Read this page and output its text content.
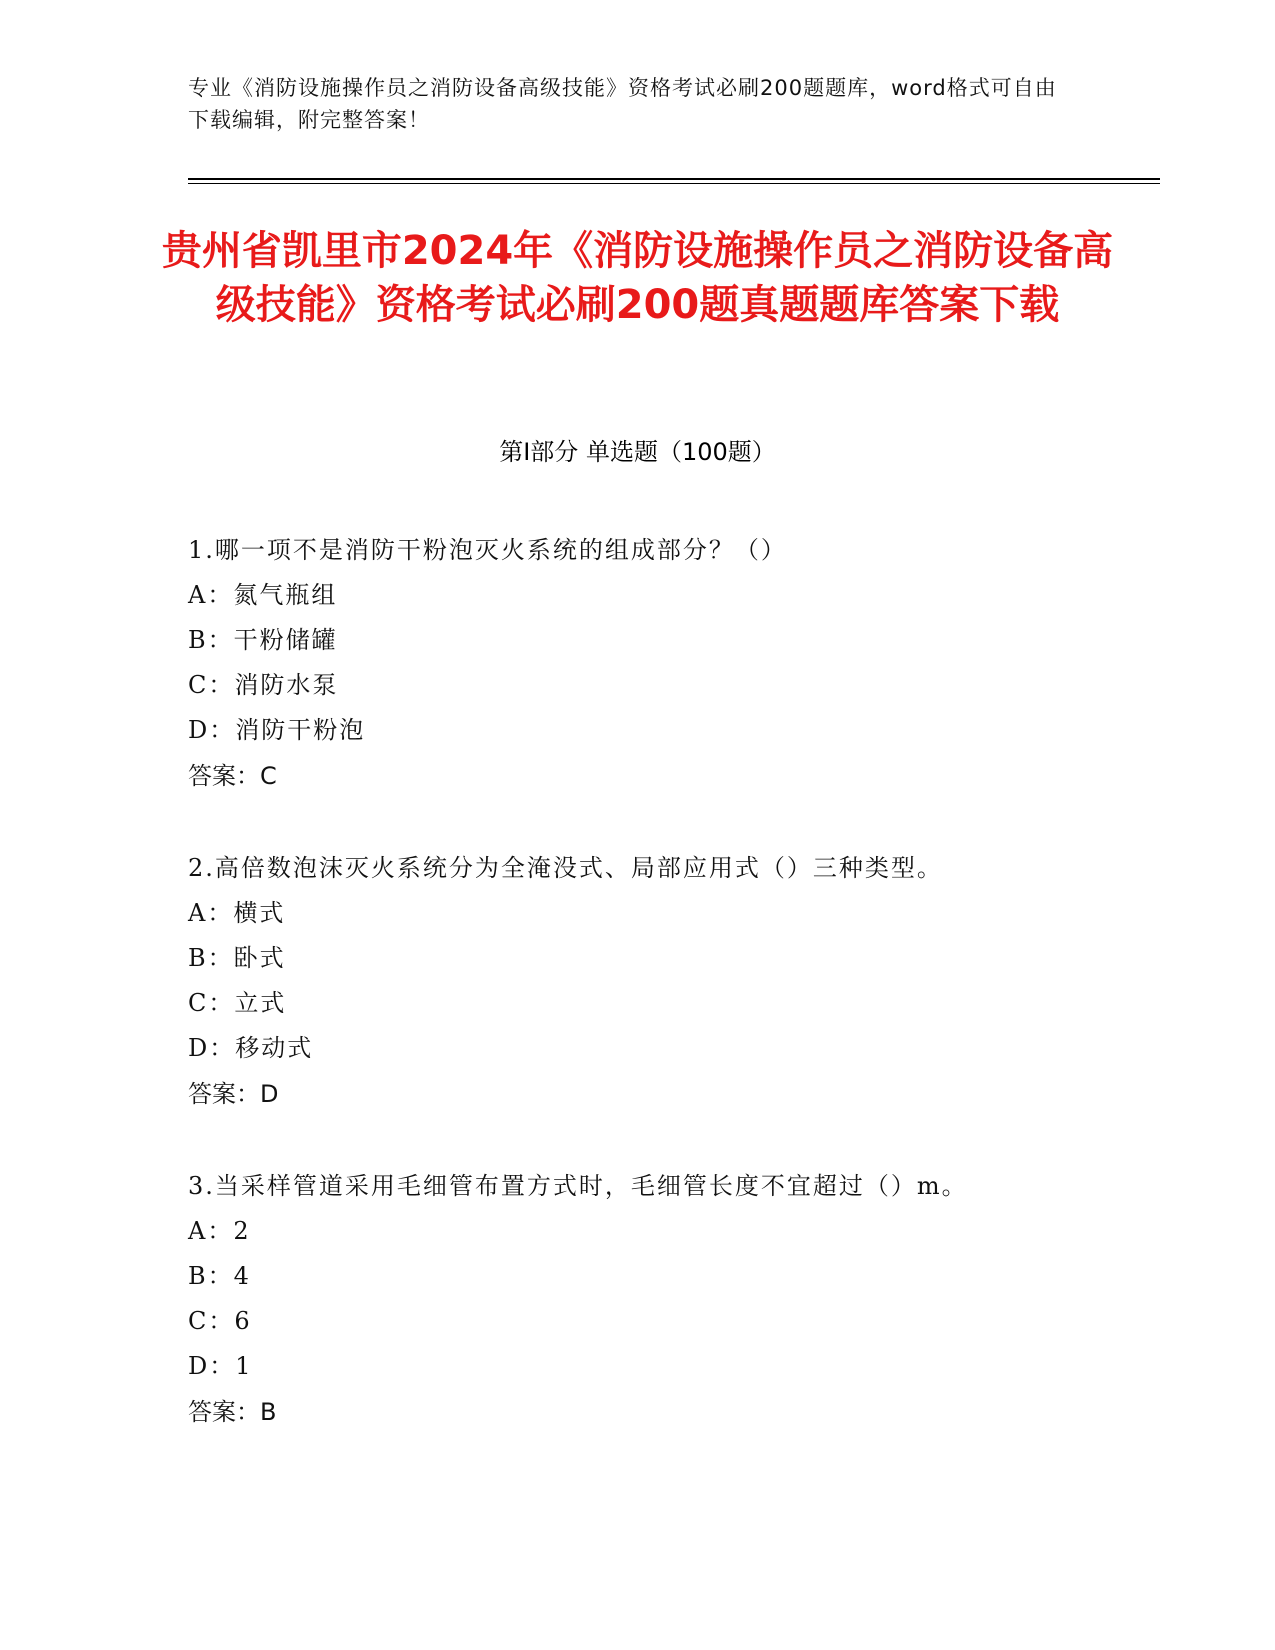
专业《消防设施操作员之消防设备高级技能》资格考试必刷200题题库，word格式可自由下载编辑，附完整答案！
贵州省凯里市2024年《消防设施操作员之消防设备高级技能》资格考试必刷200题真题题库答案下载
第I部分 单选题（100题）
1.哪一项不是消防干粉泡灭火系统的组成部分？（）
A：氮气瓶组
B：干粉储罐
C：消防水泵
D：消防干粉泡
答案：C
2.高倍数泡沫灭火系统分为全淹没式、局部应用式（）三种类型。
A：横式
B：卧式
C：立式
D：移动式
答案：D
3.当采样管道采用毛细管布置方式时，毛细管长度不宜超过（）m。
A：2
B：4
C：6
D：1
答案：B
